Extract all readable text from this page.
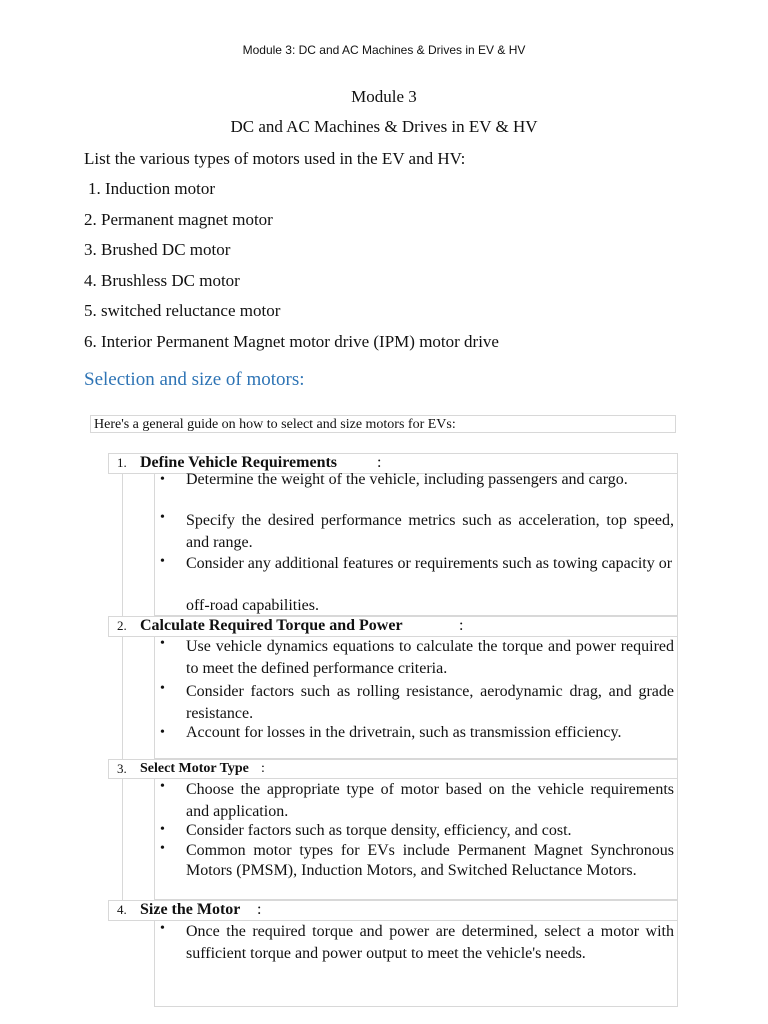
Module 3: DC and AC Machines & Drives in EV & HV
Module 3
DC and AC Machines & Drives in EV & HV
List the various types of motors used in the EV and HV:
1. Induction motor
2. Permanent magnet motor
3. Brushed DC motor
4. Brushless DC motor
5. switched reluctance motor
6. Interior Permanent Magnet motor drive (IPM) motor drive
Selection and size of motors:
Here's a general guide on how to select and size motors for EVs:
1. Define Vehicle Requirements :
• Determine the weight of the vehicle, including passengers and cargo.
• Specify the desired performance metrics such as acceleration, top speed, and range.
• Consider any additional features or requirements such as towing capacity or
off-road capabilities.
2. Calculate Required Torque and Power	:
• Use vehicle dynamics equations to calculate the torque and power required to meet the defined performance criteria.
• Consider factors such as rolling resistance, aerodynamic drag, and grade resistance.
• Account for losses in the drivetrain, such as transmission efficiency.
3. Select Motor Type :
• Choose the appropriate type of motor based on the vehicle requirements and application.
• Consider factors such as torque density, efficiency, and cost.
• Common motor types for EVs include Permanent Magnet Synchronous Motors (PMSM), Induction Motors, and Switched Reluctance Motors.
4. Size the Motor :
• Once the required torque and power are determined, select a motor with sufficient torque and power output to meet the vehicle's needs.
